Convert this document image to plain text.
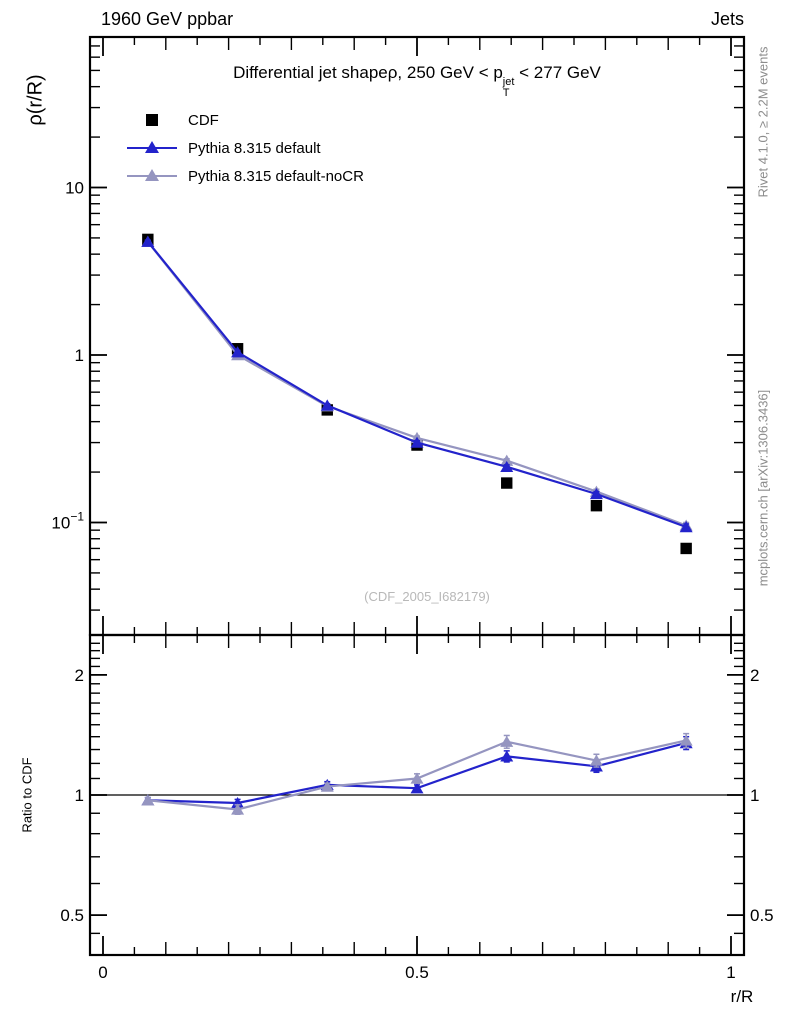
0	0.5	1
10
1
$10^{-1}$
2	2
1	1
0.5	0.5
1960 GeV ppbar	Jets
Differential jet shapeρ, 250 GeV < p jet
T
< 277 GeV
ρ(r/R)
Ratio to CDF
Rivet 4.1.0, ≥ 2.2M events
mcplots.cern.ch [arXiv:1306.3436]
(CDF_2005_I682179)
r/R
CDF
Pythia 8.315 default
Pythia 8.315 default-noCR
